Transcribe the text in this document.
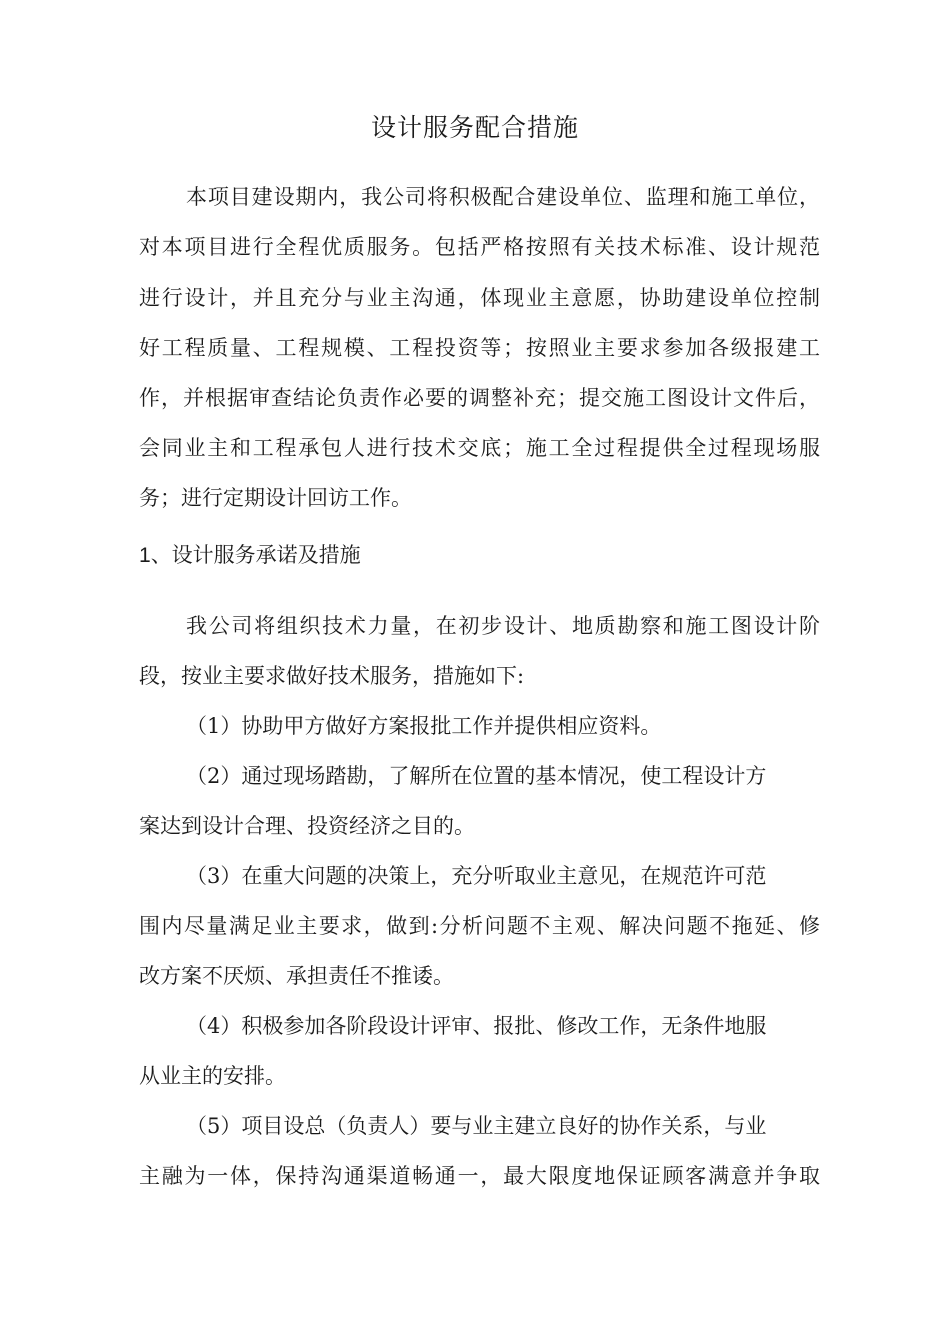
设计服务配合措施

本项目建设期内，我公司将积极配合建设单位、监理和施工单位，

对本项目进行全程优质服务。包括严格按照有关技术标准、设计规范

进行设计，并且充分与业主沟通，体现业主意愿，协助建设单位控制

好工程质量、工程规模、工程投资等；按照业主要求参加各级报建工

作，并根据审查结论负责作必要的调整补充；提交施工图设计文件后，

会同业主和工程承包人进行技术交底；施工全过程提供全过程现场服

务；进行定期设计回访工作。

1、设计服务承诺及措施

我公司将组织技术力量，在初步设计、地质勘察和施工图设计阶

段，按业主要求做好技术服务，措施如下:

（1）协助甲方做好方案报批工作并提供相应资料。

（2）通过现场踏勘，了解所在位置的基本情况，使工程设计方

案达到设计合理、投资经济之目的。

（3）在重大问题的决策上，充分听取业主意见，在规范许可范

围内尽量满足业主要求，做到:分析问题不主观、解决问题不拖延、修

改方案不厌烦、承担责任不推诿。

（4）积极参加各阶段设计评审、报批、修改工作，无条件地服

从业主的安排。

（5）项目设总（负责人）要与业主建立良好的协作关系，与业

主融为一体，保持沟通渠道畅通一，最大限度地保证顾客满意并争取
